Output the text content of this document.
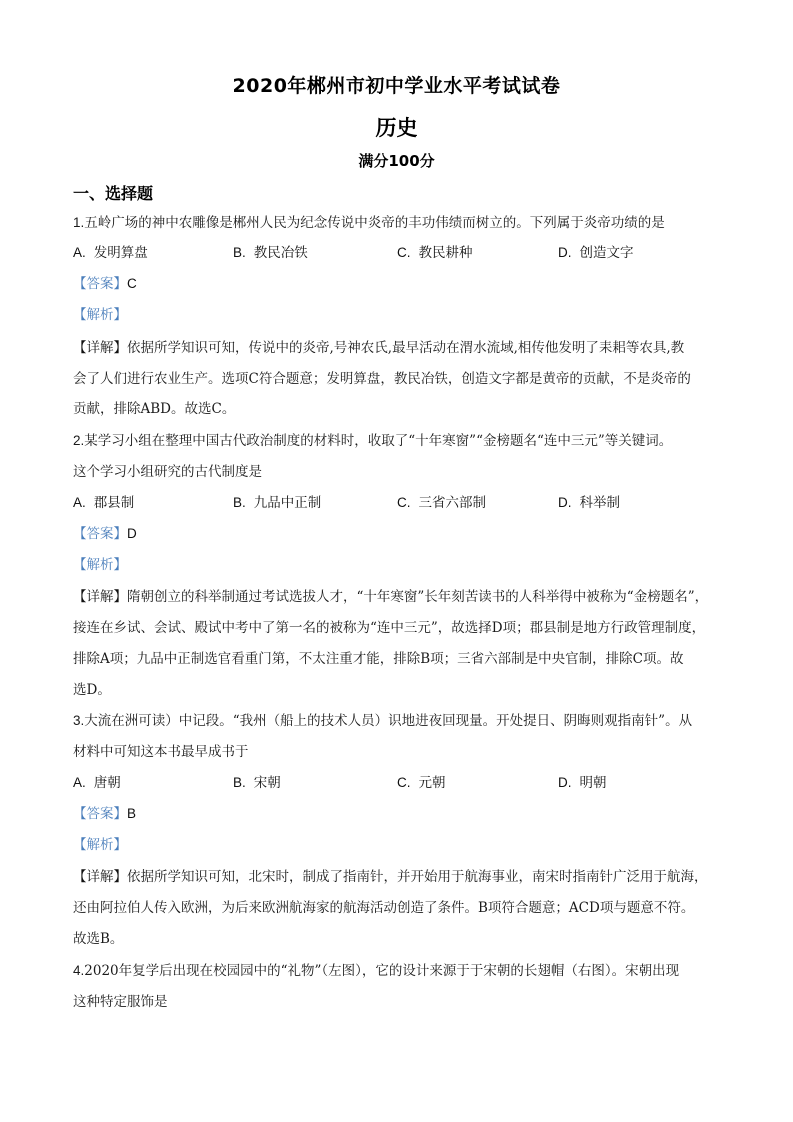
2020年郴州市初中学业水平考试试卷
历史
满分100分
一、选择题
1.五岭广场的神中农雕像是郴州人民为纪念传说中炎帝的丰功伟绩而树立的。下列属于炎帝功绩的是
A. 发明算盘	B. 教民冶铁	C. 教民耕种	D. 创造文字
【答案】C
【解析】
【详解】依据所学知识可知，传说中的炎帝,号神农氏,最早活动在渭水流域,相传他发明了耒耜等农具,教
会了人们进行农业生产。选项C符合题意；发明算盘，教民冶铁，创造文字都是黄帝的贡献，不是炎帝的
贡献，排除ABD。故选C。
2.某学习小组在整理中国古代政治制度的材料时，收取了“十年寒窗”“金榜题名“连中三元”等关键词。
这个学习小组研究的古代制度是
A. 郡县制	B. 九品中正制	C. 三省六部制	D. 科举制
【答案】D
【解析】
【详解】隋朝创立的科举制通过考试选拔人才，“十年寒窗”长年刻苦读书的人科举得中被称为“金榜题名”，
接连在乡试、会试、殿试中考中了第一名的被称为“连中三元”，故选择D项；郡县制是地方行政管理制度，
排除A项；九品中正制选官看重门第，不太注重才能，排除B项；三省六部制是中央官制，排除C项。故
选D。
3.大流在洲可读）中记段。“我州（船上的技术人员）识地进夜回现量。开处提日、阴晦则观指南针”。从
材料中可知这本书最早成书于
A. 唐朝	B. 宋朝	C. 元朝	D. 明朝
【答案】B
【解析】
【详解】依据所学知识可知，北宋时，制成了指南针，并开始用于航海事业，南宋时指南针广泛用于航海，
还由阿拉伯人传入欧洲，为后来欧洲航海家的航海活动创造了条件。B项符合题意；ACD项与题意不符。
故选B。
4.2020年复学后出现在校园园中的“礼物”（左图），它的设计来源于于宋朝的长翅帽（右图）。宋朝出现
这种特定服饰是
